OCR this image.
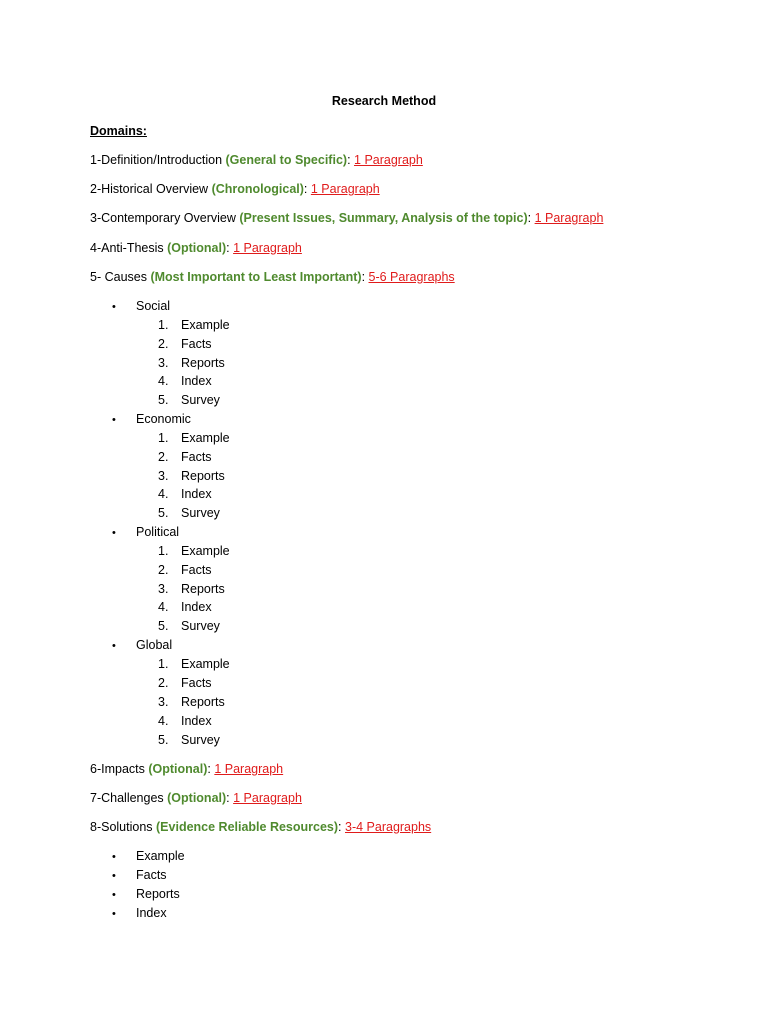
Research Method
Domains:
1-Definition/Introduction (General to Specific): 1 Paragraph
2-Historical Overview (Chronological): 1 Paragraph
3-Contemporary Overview (Present Issues, Summary, Analysis of the topic): 1 Paragraph
4-Anti-Thesis (Optional): 1 Paragraph
5- Causes (Most Important to Least Important): 5-6 Paragraphs
• Social
1. Example
2. Facts
3. Reports
4. Index
5. Survey
• Economic
1. Example
2. Facts
3. Reports
4. Index
5. Survey
• Political
1. Example
2. Facts
3. Reports
4. Index
5. Survey
• Global
1. Example
2. Facts
3. Reports
4. Index
5. Survey
6-Impacts (Optional): 1 Paragraph
7-Challenges (Optional): 1 Paragraph
8-Solutions (Evidence Reliable Resources): 3-4 Paragraphs
• Example
• Facts
• Reports
• Index
